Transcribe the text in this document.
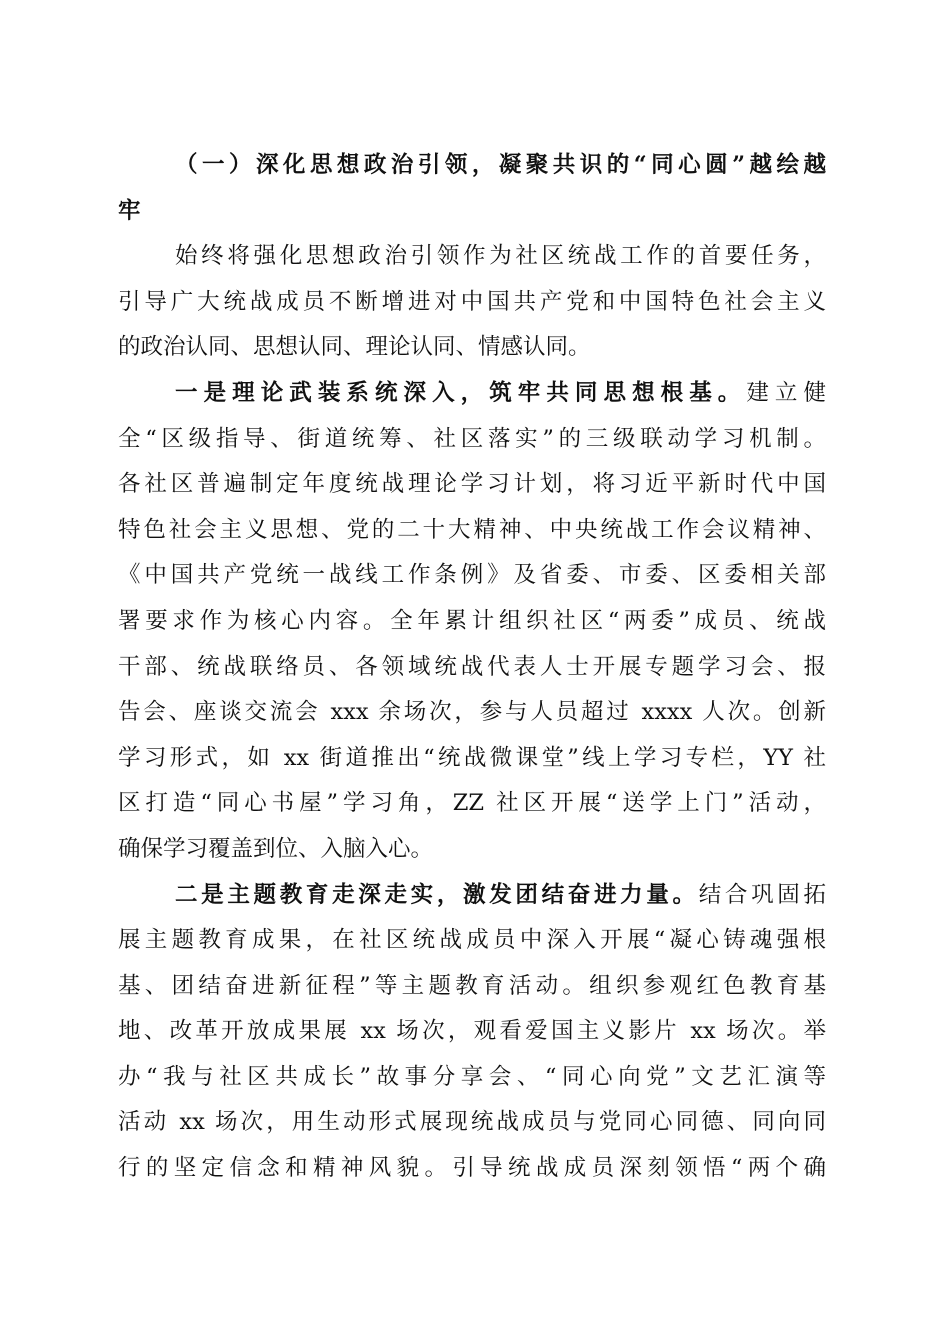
（一）深化思想政治引领，凝聚共识的“同心圆”越绘越
牢
始终将强化思想政治引领作为社区统战工作的首要任务，
引导广大统战成员不断增进对中国共产党和中国特色社会主义
的政治认同、思想认同、理论认同、情感认同。
一是理论武装系统深入，筑牢共同思想根基。建立健
全“区级指导、街道统筹、社区落实”的三级联动学习机制。
各社区普遍制定年度统战理论学习计划，将习近平新时代中国
特色社会主义思想、党的二十大精神、中央统战工作会议精神、
《中国共产党统一战线工作条例》及省委、市委、区委相关部
署要求作为核心内容。全年累计组织社区“两委”成员、统战
干部、统战联络员、各领域统战代表人士开展专题学习会、报
告会、座谈交流会 xxx 余场次，参与人员超过 xxxx 人次。创新
学习形式，如 xx 街道推出“统战微课堂”线上学习专栏，YY 社
区打造“同心书屋”学习角，ZZ 社区开展“送学上门”活动，
确保学习覆盖到位、入脑入心。
二是主题教育走深走实，激发团结奋进力量。结合巩固拓
展主题教育成果，在社区统战成员中深入开展“凝心铸魂强根
基、团结奋进新征程”等主题教育活动。组织参观红色教育基
地、改革开放成果展 xx 场次，观看爱国主义影片 xx 场次。举
办“我与社区共成长”故事分享会、“同心向党”文艺汇演等
活动 xx 场次，用生动形式展现统战成员与党同心同德、同向同
行的坚定信念和精神风貌。引导统战成员深刻领悟“两个确
